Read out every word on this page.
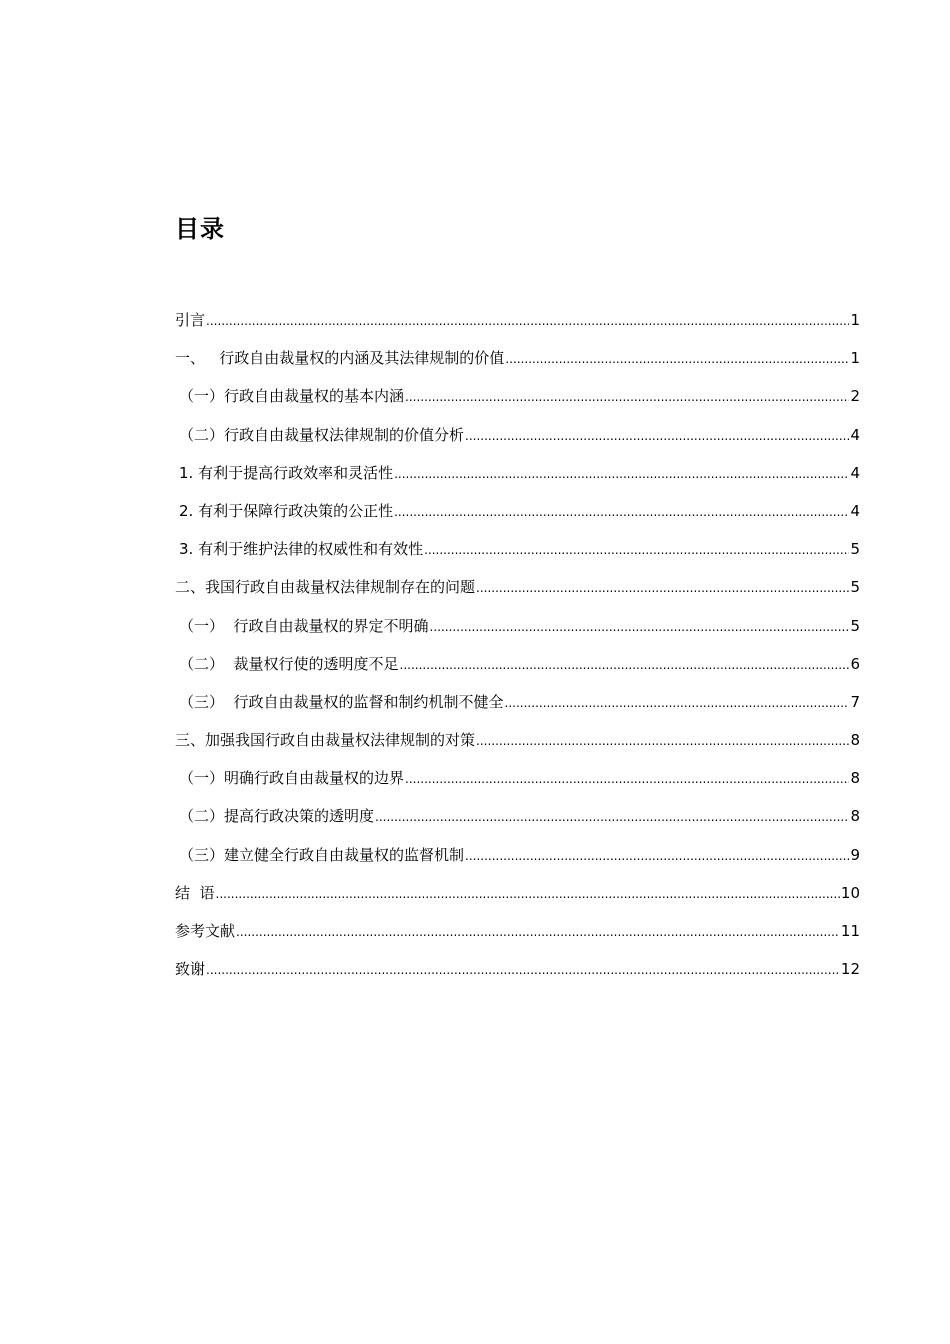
目录
引言 .....	1
一、   行政自由裁量权的内涵及其法律规制的价值 .....	1
（一）行政自由裁量权的基本内涵 .....	2
（二）行政自由裁量权法律规制的价值分析 .....	4
1. 有利于提高行政效率和灵活性 .....	4
2. 有利于保障行政决策的公正性 .....	4
3. 有利于维护法律的权威性和有效性 .....	5
二、我国行政自由裁量权法律规制存在的问题 .....	5
（一）  行政自由裁量权的界定不明确 .....	5
（二）  裁量权行使的透明度不足 .....	6
（三）  行政自由裁量权的监督和制约机制不健全 .....	7
三、加强我国行政自由裁量权法律规制的对策 .....	8
（一）明确行政自由裁量权的边界 .....	8
（二）提高行政决策的透明度 .....	8
（三）建立健全行政自由裁量权的监督机制 .....	9
结  语 .....	10
参考文献 .....	11
致谢 .....	12
